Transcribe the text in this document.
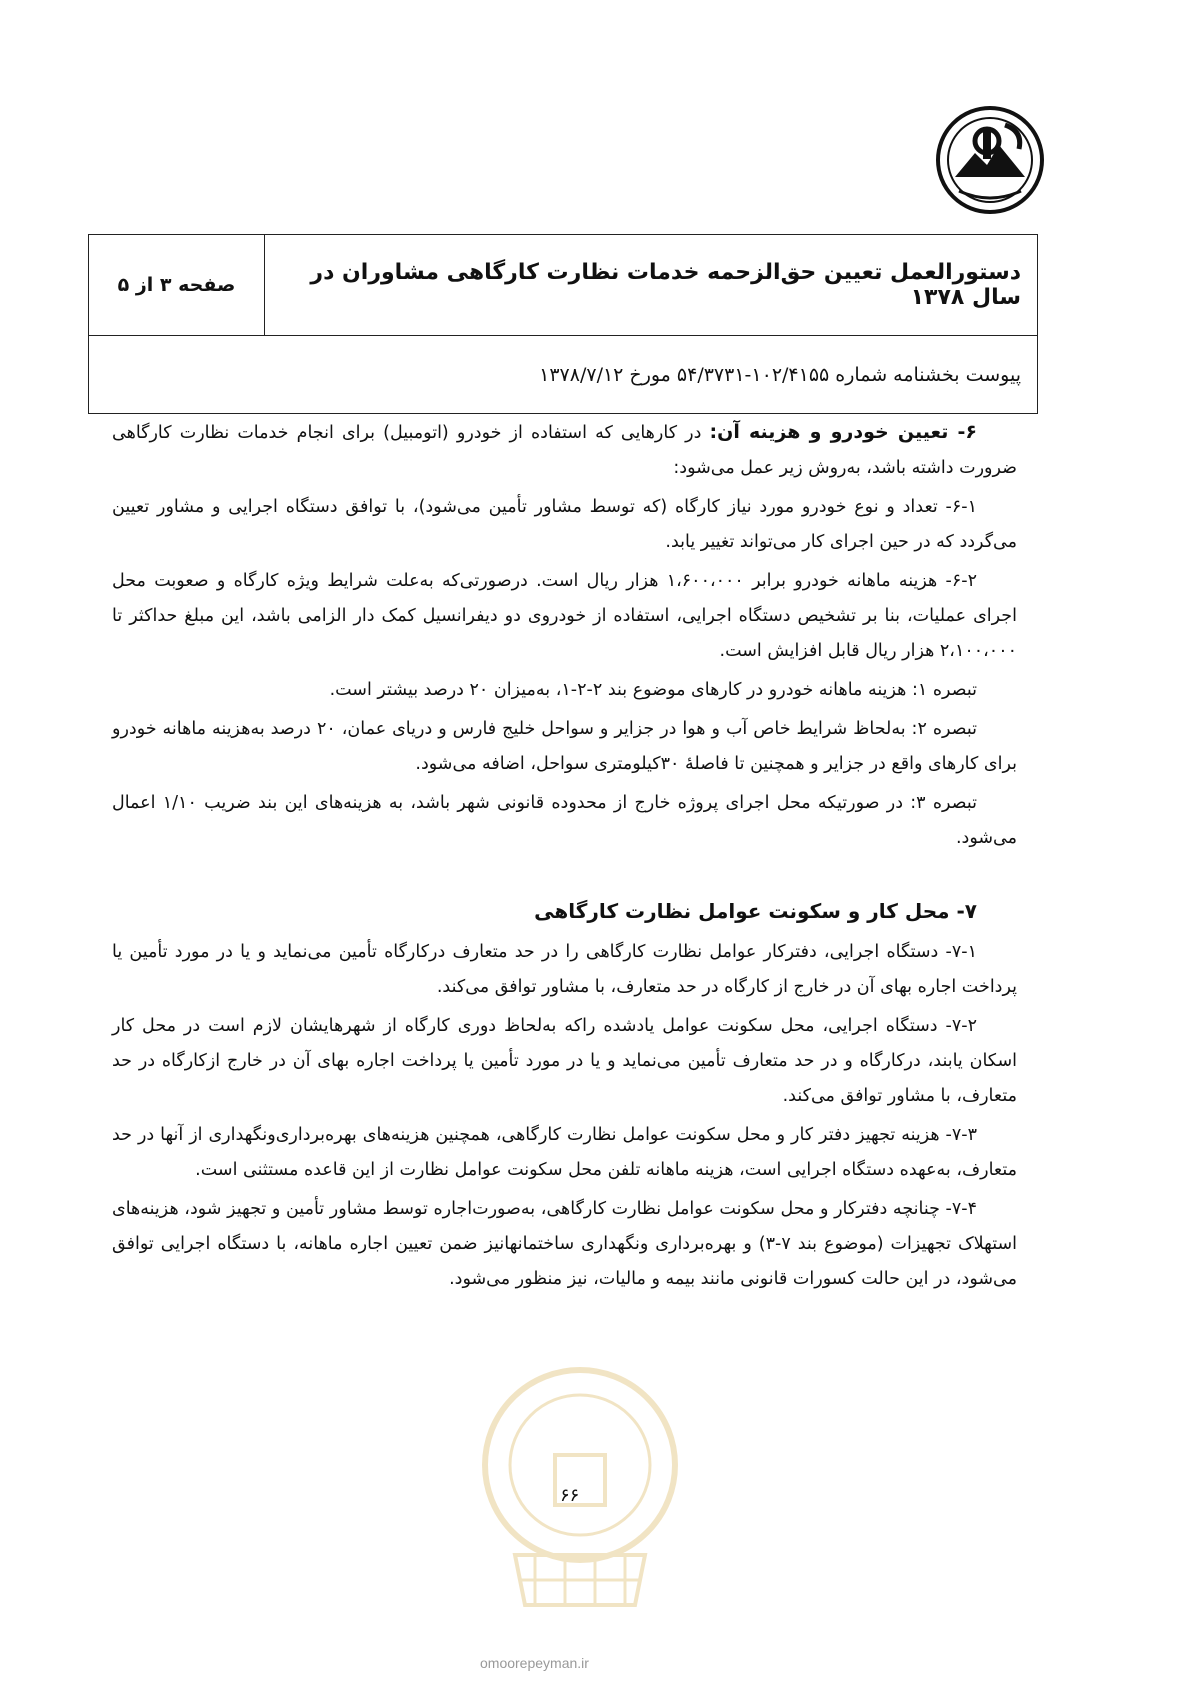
صفحه ۳ از ۵	دستورالعمل تعیین حق‌الزحمه خدمات نظارت کارگاهی مشاوران در سال ۱۳۷۸
پیوست بخشنامه شماره ۱۰۲/۴۱۵۵-۵۴/۳۷۳۱ مورخ ۱۳۷۸/۷/۱۲

۶- تعیین خودرو و هزینه آن: در کارهایی که استفاده از خودرو (اتومبیل) برای انجام خدمات نظارت کارگاهی ضرورت داشته باشد، به‌روش زیر عمل می‌شود:

۶-۱- تعداد و نوع خودرو مورد نیاز کارگاه (که توسط مشاور تأمین می‌شود)، با توافق دستگاه اجرایی و مشاور تعیین می‌گردد که در حین اجرای کار می‌تواند تغییر یابد.

۶-۲- هزینه ماهانه خودرو برابر ۱،۶۰۰،۰۰۰ هزار ریال است. درصورتی‌که به‌علت شرایط ویژه کارگاه و صعوبت محل اجرای عملیات، بنا بر تشخیص دستگاه اجرایی، استفاده از خودروی دو دیفرانسیل کمک دار الزامی باشد، این مبلغ حداکثر تا ۲،۱۰۰،۰۰۰ هزار ریال قابل افزایش است.

تبصره ۱: هزینه ماهانه خودرو در کارهای موضوع بند ۲-۲-۱، به‌میزان ۲۰ درصد بیشتر است.

تبصره ۲: به‌لحاظ شرایط خاص آب و هوا در جزایر و سواحل خلیج فارس و دریای عمان، ۲۰ درصد به‌هزینه ماهانه خودرو برای کارهای واقع در جزایر و همچنین تا فاصلهٔ ۳۰کیلومتری سواحل، اضافه می‌شود.

تبصره ۳: در صورتیکه محل اجرای پروژه خارج از محدوده قانونی شهر باشد، به هزینه‌های این بند ضریب ۱/۱۰ اعمال می‌شود.

۷- محل کار و سکونت عوامل نظارت کارگاهی

۷-۱- دستگاه اجرایی، دفترکار عوامل نظارت کارگاهی را در حد متعارف درکارگاه تأمین می‌نماید و یا در مورد تأمین یا پرداخت اجاره بهای آن در خارج از کارگاه در حد متعارف، با مشاور توافق می‌کند.

۷-۲- دستگاه اجرایی، محل سکونت عوامل یادشده راکه به‌لحاظ دوری کارگاه از شهرهایشان لازم است در محل کار اسکان یابند، درکارگاه و در حد متعارف تأمین می‌نماید و یا در مورد تأمین یا پرداخت اجاره بهای آن در خارج ازکارگاه در حد متعارف، با مشاور توافق می‌کند.

۷-۳- هزینه تجهیز دفتر کار و محل سکونت عوامل نظارت کارگاهی، همچنین هزینه‌های بهره‌برداری‌ونگهداری از آنها در حد متعارف، به‌عهده دستگاه اجرایی است، هزینه ماهانه تلفن محل سکونت عوامل نظارت از این قاعده مستثنی است.

۷-۴- چنانچه دفترکار و محل سکونت عوامل نظارت کارگاهی، به‌صورت‌اجاره توسط مشاور تأمین و تجهیز شود، هزینه‌های استهلاک تجهیزات (موضوع بند ۷-۳) و بهره‌برداری ونگهداری ساختمانهانیز ضمن تعیین اجاره ماهانه، با دستگاه اجرایی توافق می‌شود، در این حالت کسورات قانونی مانند بیمه و مالیات، نیز منظور می‌شود.

۶۶
omoorepeyman.ir
